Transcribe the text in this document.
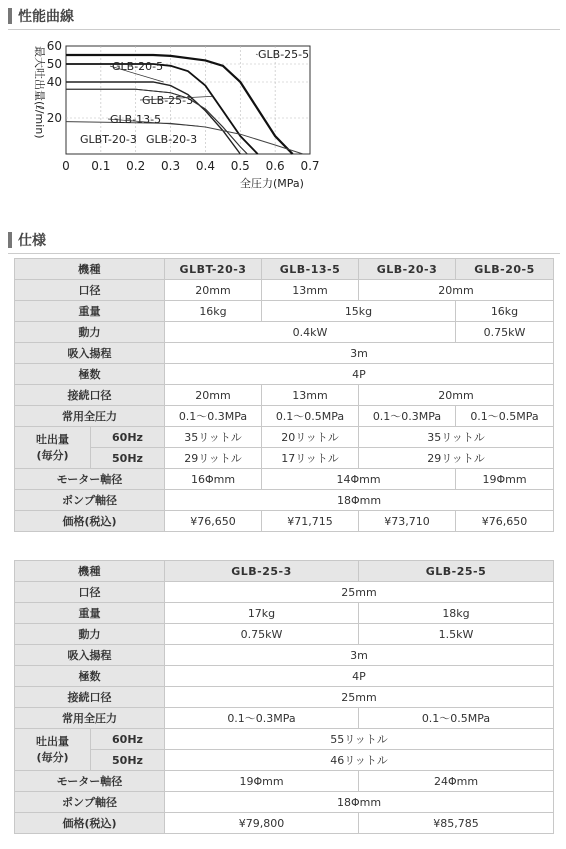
性能曲線
GLB-25-5
GLB-20-5
GLB-25-3
GLB-13-5
GLBT-20-3 GLB-20-3
0 0.1 0.2 0.3 0.4 0.5 0.6 0.7
20
40
50
60
最大吐出量(ℓ/min)
全圧力(MPa)
仕様
機種		GLBT-20-3	GLB-13-5	GLB-20-3	GLB-20-5
口径		20mm	13mm	20mm	
重量		16kg	15kg		16kg
動力		0.4kW			0.75kW
吸入揚程		3m			
極数		4P			
接続口径		20mm	13mm	20mm	
常用全圧力		0.1～0.3MPa	0.1～0.5MPa	0.1～0.3MPa	0.1～0.5MPa
吐出量
(毎分)	60Hz	35リットル	20リットル	35リットル	
	50Hz	29リットル	17リットル	29リットル	
モーター軸径		16Φmm	14Φmm		19Φmm
ポンプ軸径		18Φmm			
価格(税込)		¥76,650	¥71,715	¥73,710	¥76,650
機種		GLB-25-3	GLB-25-5
口径		25mm	
重量		17kg	18kg
動力		0.75kW	1.5kW
吸入揚程		3m	
極数		4P	
接続口径		25mm	
常用全圧力		0.1～0.3MPa	0.1～0.5MPa
吐出量
(毎分)	60Hz	55リットル	
	50Hz	46リットル	
モーター軸径		19Φmm	24Φmm
ポンプ軸径		18Φmm	
価格(税込)		¥79,800	¥85,785
